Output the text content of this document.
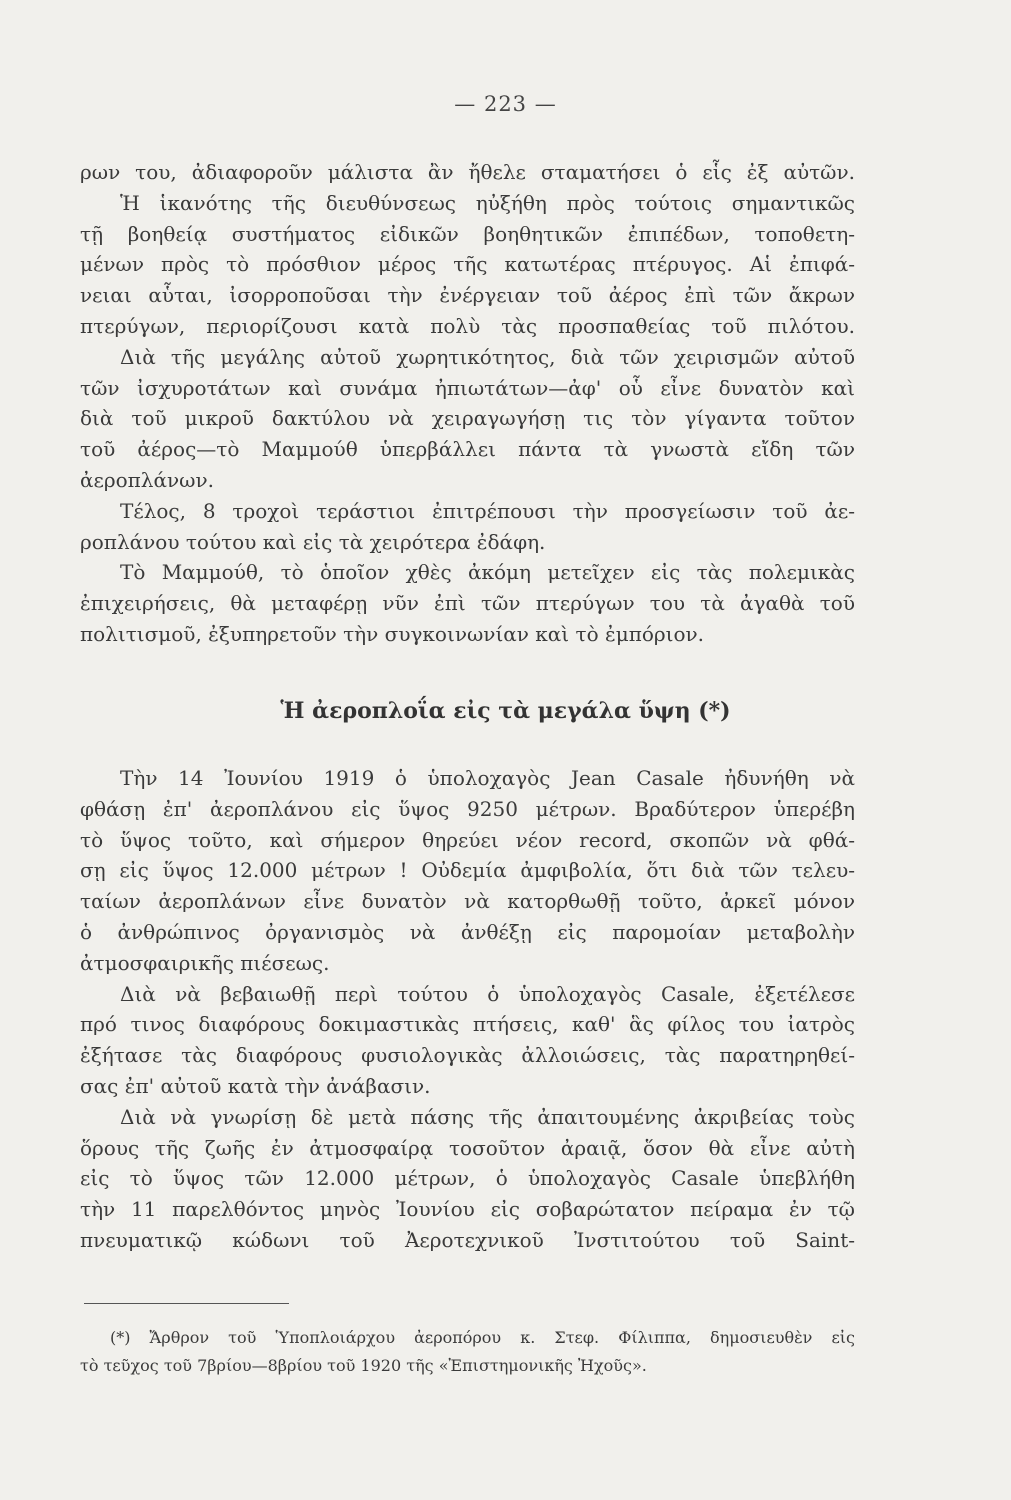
— 223 —
ρων του, ἀδιαφοροῦν μάλιστα ἂν ἤθελε σταματήσει ὁ εἷς ἐξ αὐτῶν.
Ἡ ἱκανότης τῆς διευθύνσεως ηὐξήθη πρὸς τούτοις σημαντικῶς
τῇ βοηθείᾳ συστήματος εἰδικῶν βοηθητικῶν ἐπιπέδων, τοποθετη-
μένων πρὸς τὸ πρόσθιον μέρος τῆς κατωτέρας πτέρυγος. Αἱ ἐπιφά-
νειαι αὗται, ἰσορροποῦσαι τὴν ἐνέργειαν τοῦ ἀέρος ἐπὶ τῶν ἄκρων
πτερύγων, περιορίζουσι κατὰ πολὺ τὰς προσπαθείας τοῦ πιλότου.
Διὰ τῆς μεγάλης αὐτοῦ χωρητικότητος, διὰ τῶν χειρισμῶν αὐτοῦ
τῶν ἰσχυροτάτων καὶ συνάμα ἠπιωτάτων—ἀφ' οὗ εἶνε δυνατὸν καὶ
διὰ τοῦ μικροῦ δακτύλου νὰ χειραγωγήσῃ τις τὸν γίγαντα τοῦτον
τοῦ ἀέρος—τὸ Μαμμούθ ὑπερβάλλει πάντα τὰ γνωστὰ εἴδη τῶν
ἀεροπλάνων.
Τέλος, 8 τροχοὶ τεράστιοι ἐπιτρέπουσι τὴν προσγείωσιν τοῦ ἀε-
ροπλάνου τούτου καὶ εἰς τὰ χειρότερα ἐδάφη.
Τὸ Μαμμούθ, τὸ ὁποῖον χθὲς ἀκόμη μετεῖχεν εἰς τὰς πολεμικὰς
ἐπιχειρήσεις, θὰ μεταφέρῃ νῦν ἐπὶ τῶν πτερύγων του τὰ ἀγαθὰ τοῦ
πολιτισμοῦ, ἐξυπηρετοῦν τὴν συγκοινωνίαν καὶ τὸ ἐμπόριον.
Ἡ ἀεροπλοΐα εἰς τὰ μεγάλα ὕψη (*)
Τὴν 14 Ἰουνίου 1919 ὁ ὑπολοχαγὸς Jean Casale ἠδυνήθη νὰ
φθάσῃ ἐπ' ἀεροπλάνου εἰς ὕψος 9250 μέτρων. Βραδύτερον ὑπερέβη
τὸ ὕψος τοῦτο, καὶ σήμερον θηρεύει νέον record, σκοπῶν νὰ φθά-
σῃ εἰς ὕψος 12.000 μέτρων ! Οὐδεμία ἀμφιβολία, ὅτι διὰ τῶν τελευ-
ταίων ἀεροπλάνων εἶνε δυνατὸν νὰ κατορθωθῇ τοῦτο, ἀρκεῖ μόνον
ὁ ἀνθρώπινος ὀργανισμὸς νὰ ἀνθέξῃ εἰς παρομοίαν μεταβολὴν
ἀτμοσφαιρικῆς πιέσεως.
Διὰ νὰ βεβαιωθῇ περὶ τούτου ὁ ὑπολοχαγὸς Casale, ἐξετέλεσε
πρό τινος διαφόρους δοκιμαστικὰς πτήσεις, καθ' ἃς φίλος του ἰατρὸς
ἐξήτασε τὰς διαφόρους φυσιολογικὰς ἀλλοιώσεις, τὰς παρατηρηθεί-
σας ἐπ' αὐτοῦ κατὰ τὴν ἀνάβασιν.
Διὰ νὰ γνωρίσῃ δὲ μετὰ πάσης τῆς ἀπαιτουμένης ἀκριβείας τοὺς
ὅρους τῆς ζωῆς ἐν ἀτμοσφαίρᾳ τοσοῦτον ἀραιᾷ, ὅσον θὰ εἶνε αὐτὴ
εἰς τὸ ὕψος τῶν 12.000 μέτρων, ὁ ὑπολοχαγὸς Casale ὑπεβλήθη
τὴν 11 παρελθόντος μηνὸς Ἰουνίου εἰς σοβαρώτατον πείραμα ἐν τῷ
πνευματικῷ κώδωνι τοῦ Ἀεροτεχνικοῦ Ἰνστιτούτου τοῦ Saint-
(*) Ἄρθρον τοῦ Ὑποπλοιάρχου ἀεροπόρου κ. Στεφ. Φίλιππα, δημοσιευθὲν εἰς
τὸ τεῦχος τοῦ 7βρίου—8βρίου τοῦ 1920 τῆς «Ἐπιστημονικῆς Ἠχοῦς».
